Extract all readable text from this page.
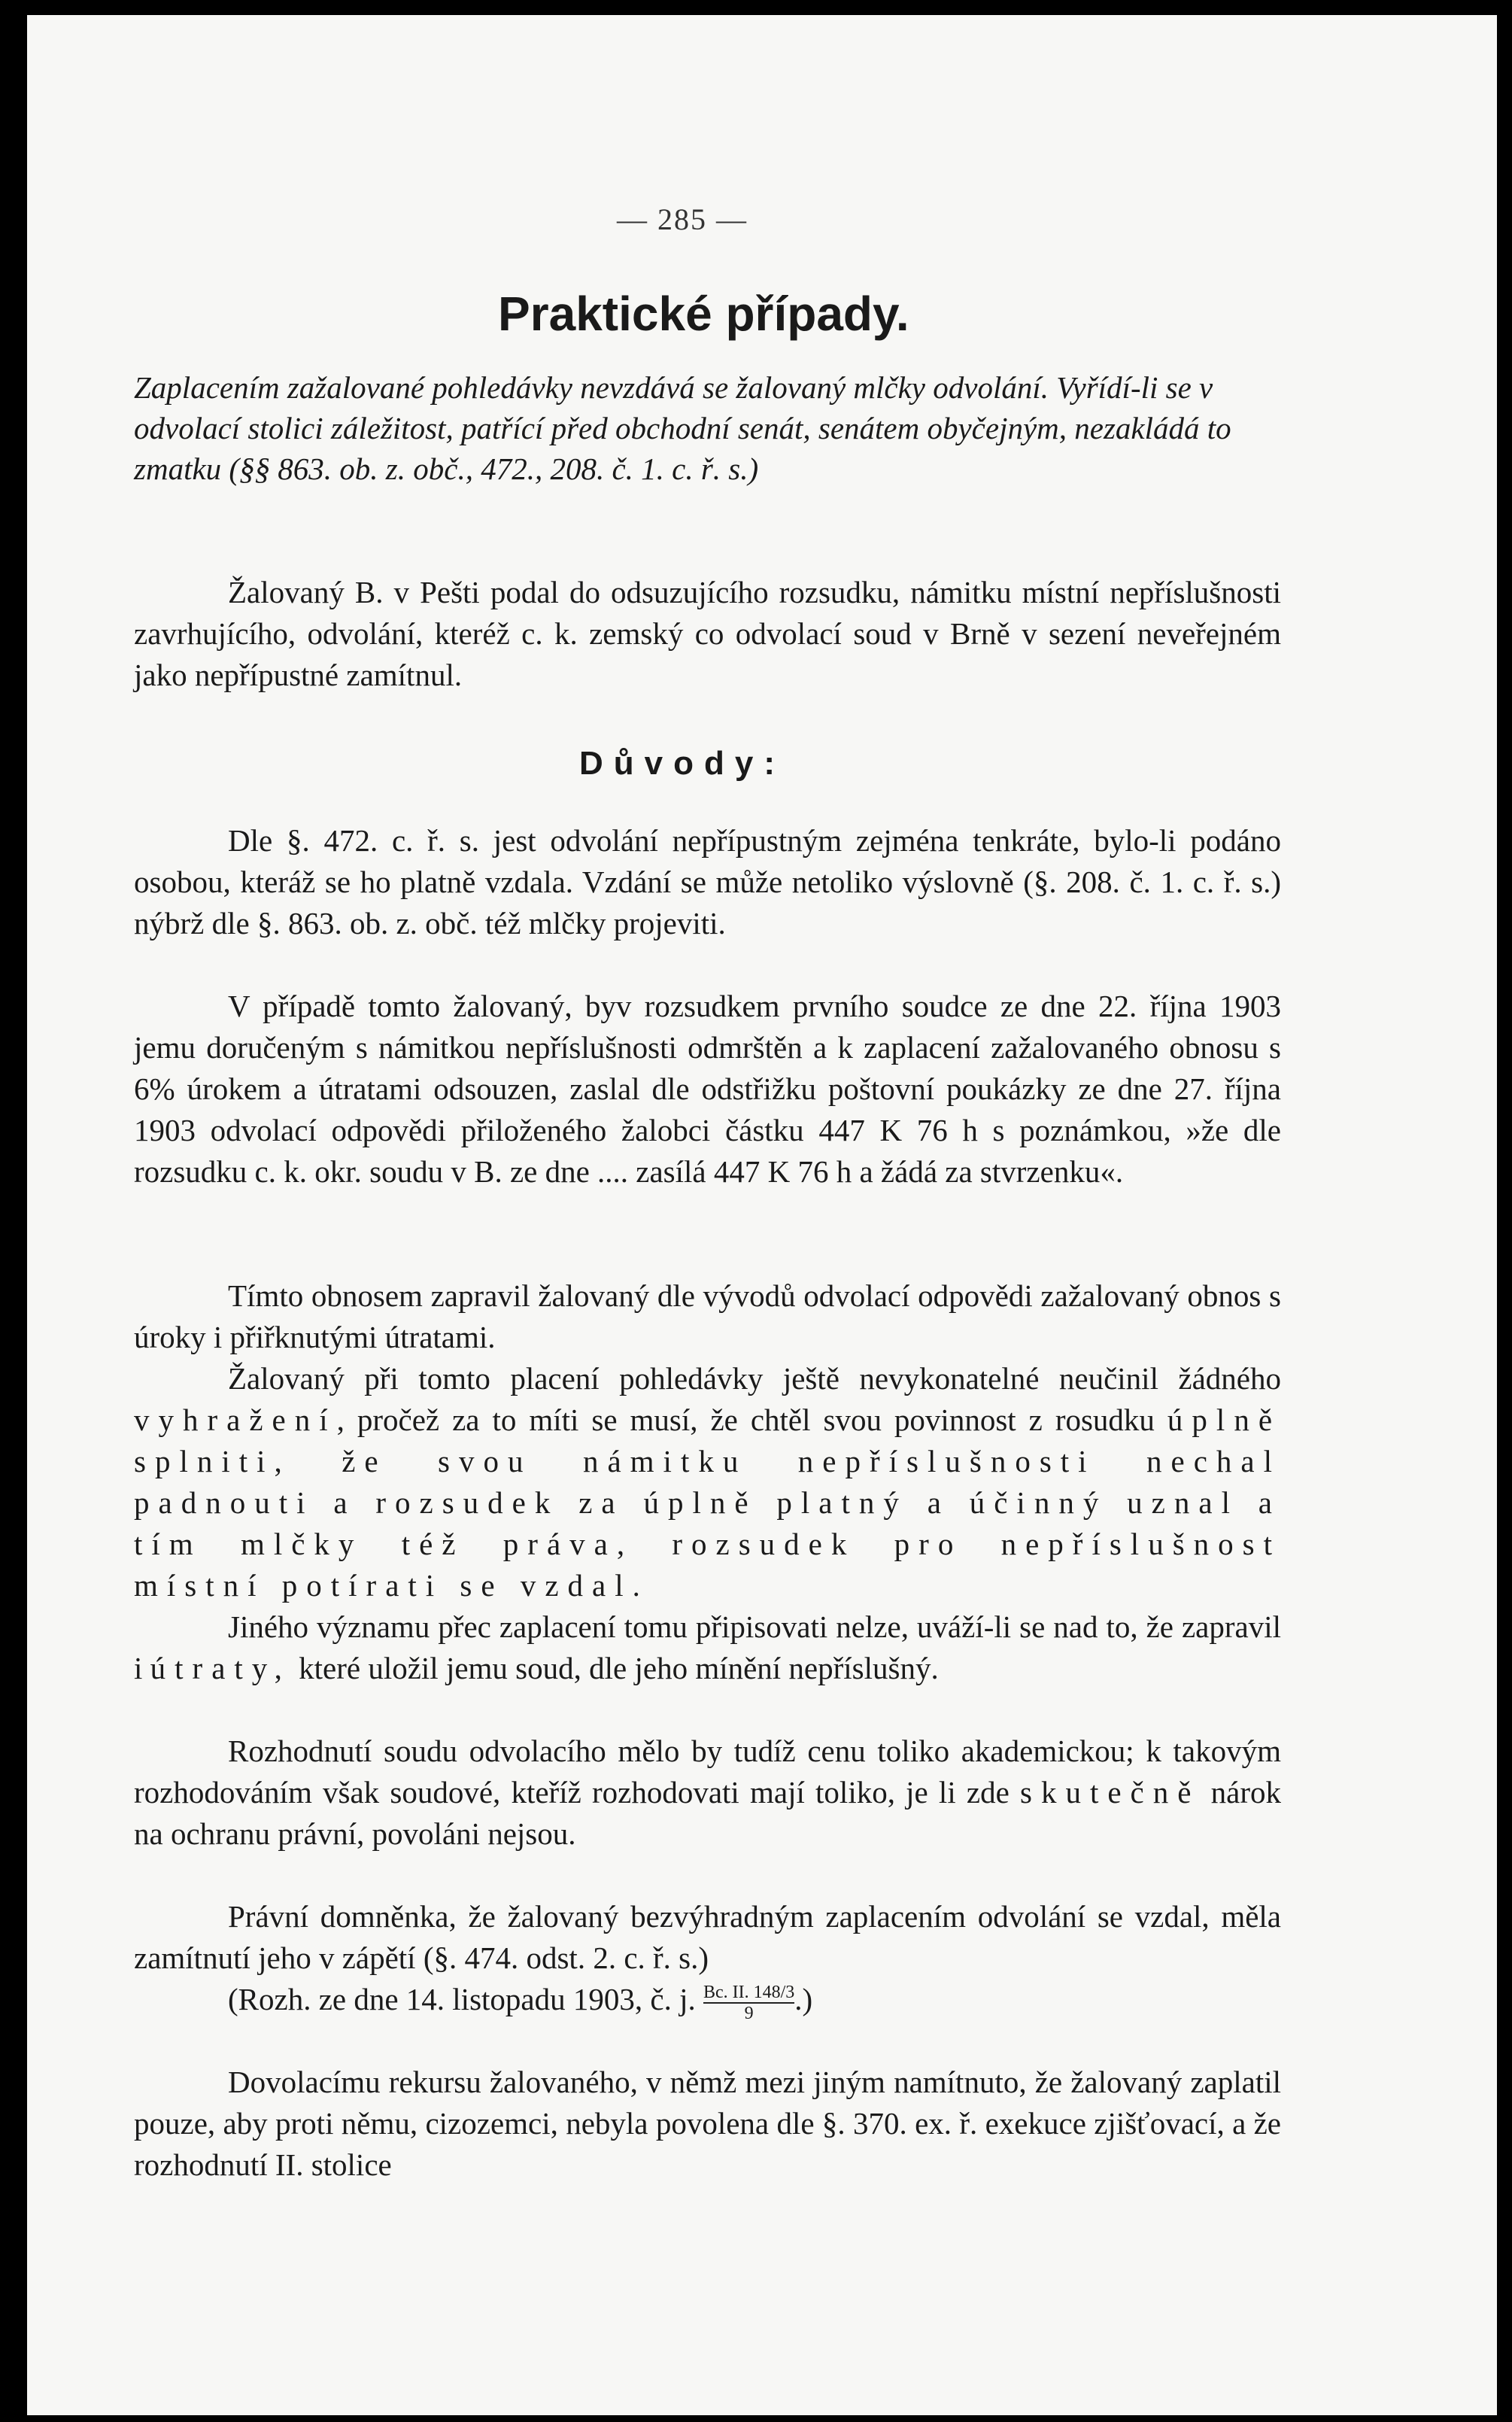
— 285 —
Praktické případy.
Zaplacením zažalované pohledávky nevzdává se žalovaný mlčky odvolání. Vyřídí-li se v odvolací stolici záležitost, patřící před obchodní senát, senátem obyčejným, nezakládá to zmatku (§§ 863. ob. z. obč., 472., 208. č. 1. c. ř. s.)
Žalovaný B. v Pešti podal do odsuzujícího rozsudku, námitku místní nepříslušnosti zavrhujícího, odvolání, kteréž c. k. zemský co odvolací soud v Brně v sezení neveřejném jako nepřípustné zamítnul.
Důvody:
Dle §. 472. c. ř. s. jest odvolání nepřípustným zejména tenkráte, bylo-li podáno osobou, kteráž se ho platně vzdala. Vzdání se může netoliko výslovně (§. 208. č. 1. c. ř. s.) nýbrž dle §. 863. ob. z. obč. též mlčky projeviti.
V případě tomto žalovaný, byv rozsudkem prvního soudce ze dne 22. října 1903 jemu doručeným s námitkou nepříslušnosti odmrštěn a k zaplacení zažalovaného obnosu s 6% úrokem a útratami odsouzen, zaslal dle odstřižku poštovní poukázky ze dne 27. října 1903 odvolací odpovědi přiloženého žalobci částku 447 K 76 h s poznámkou, »že dle rozsudku c. k. okr. soudu v B. ze dne .... zasílá 447 K 76 h a žádá za stvrzenku«.
Tímto obnosem zapravil žalovaný dle vývodů odvolací odpovědi zažalovaný obnos s úroky i přiřknutými útratami.
Žalovaný při tomto placení pohledávky ještě nevykonatelné neučinil žádného vyhražení, pročež za to míti se musí, že chtěl svou povinnost z rosudku úplně splniti, že svou námitku nepříslušnosti nechal padnouti a rozsudek za úplně platný a účinný uznal a tím mlčky též práva, rozsudek pro nepříslušnost místní potírati se vzdal.
Jiného významu přec zaplacení tomu připisovati nelze, uváží-li se nad to, že zapravil i útraty, které uložil jemu soud, dle jeho mínění nepříslušný.
Rozhodnutí soudu odvolacího mělo by tudíž cenu toliko akademickou; k takovým rozhodováním však soudové, kteříž rozhodovati mají toliko, je li zde skutečně nárok na ochranu právní, povoláni nejsou.
Právní domněnka, že žalovaný bezvýhradným zaplacením odvolání se vzdal, měla zamítnutí jeho v zápětí (§. 474. odst. 2. c. ř. s.)
(Rozh. ze dne 14. listopadu 1903, č. j. $\frac{Bc. II. 148/3}{9}$ .)
Dovolacímu rekursu žalovaného, v němž mezi jiným namítnuto, že žalovaný zaplatil pouze, aby proti němu, cizozemci, nebyla povolena dle §. 370. ex. ř. exekuce zjišťovací, a že rozhodnutí II. stolice
